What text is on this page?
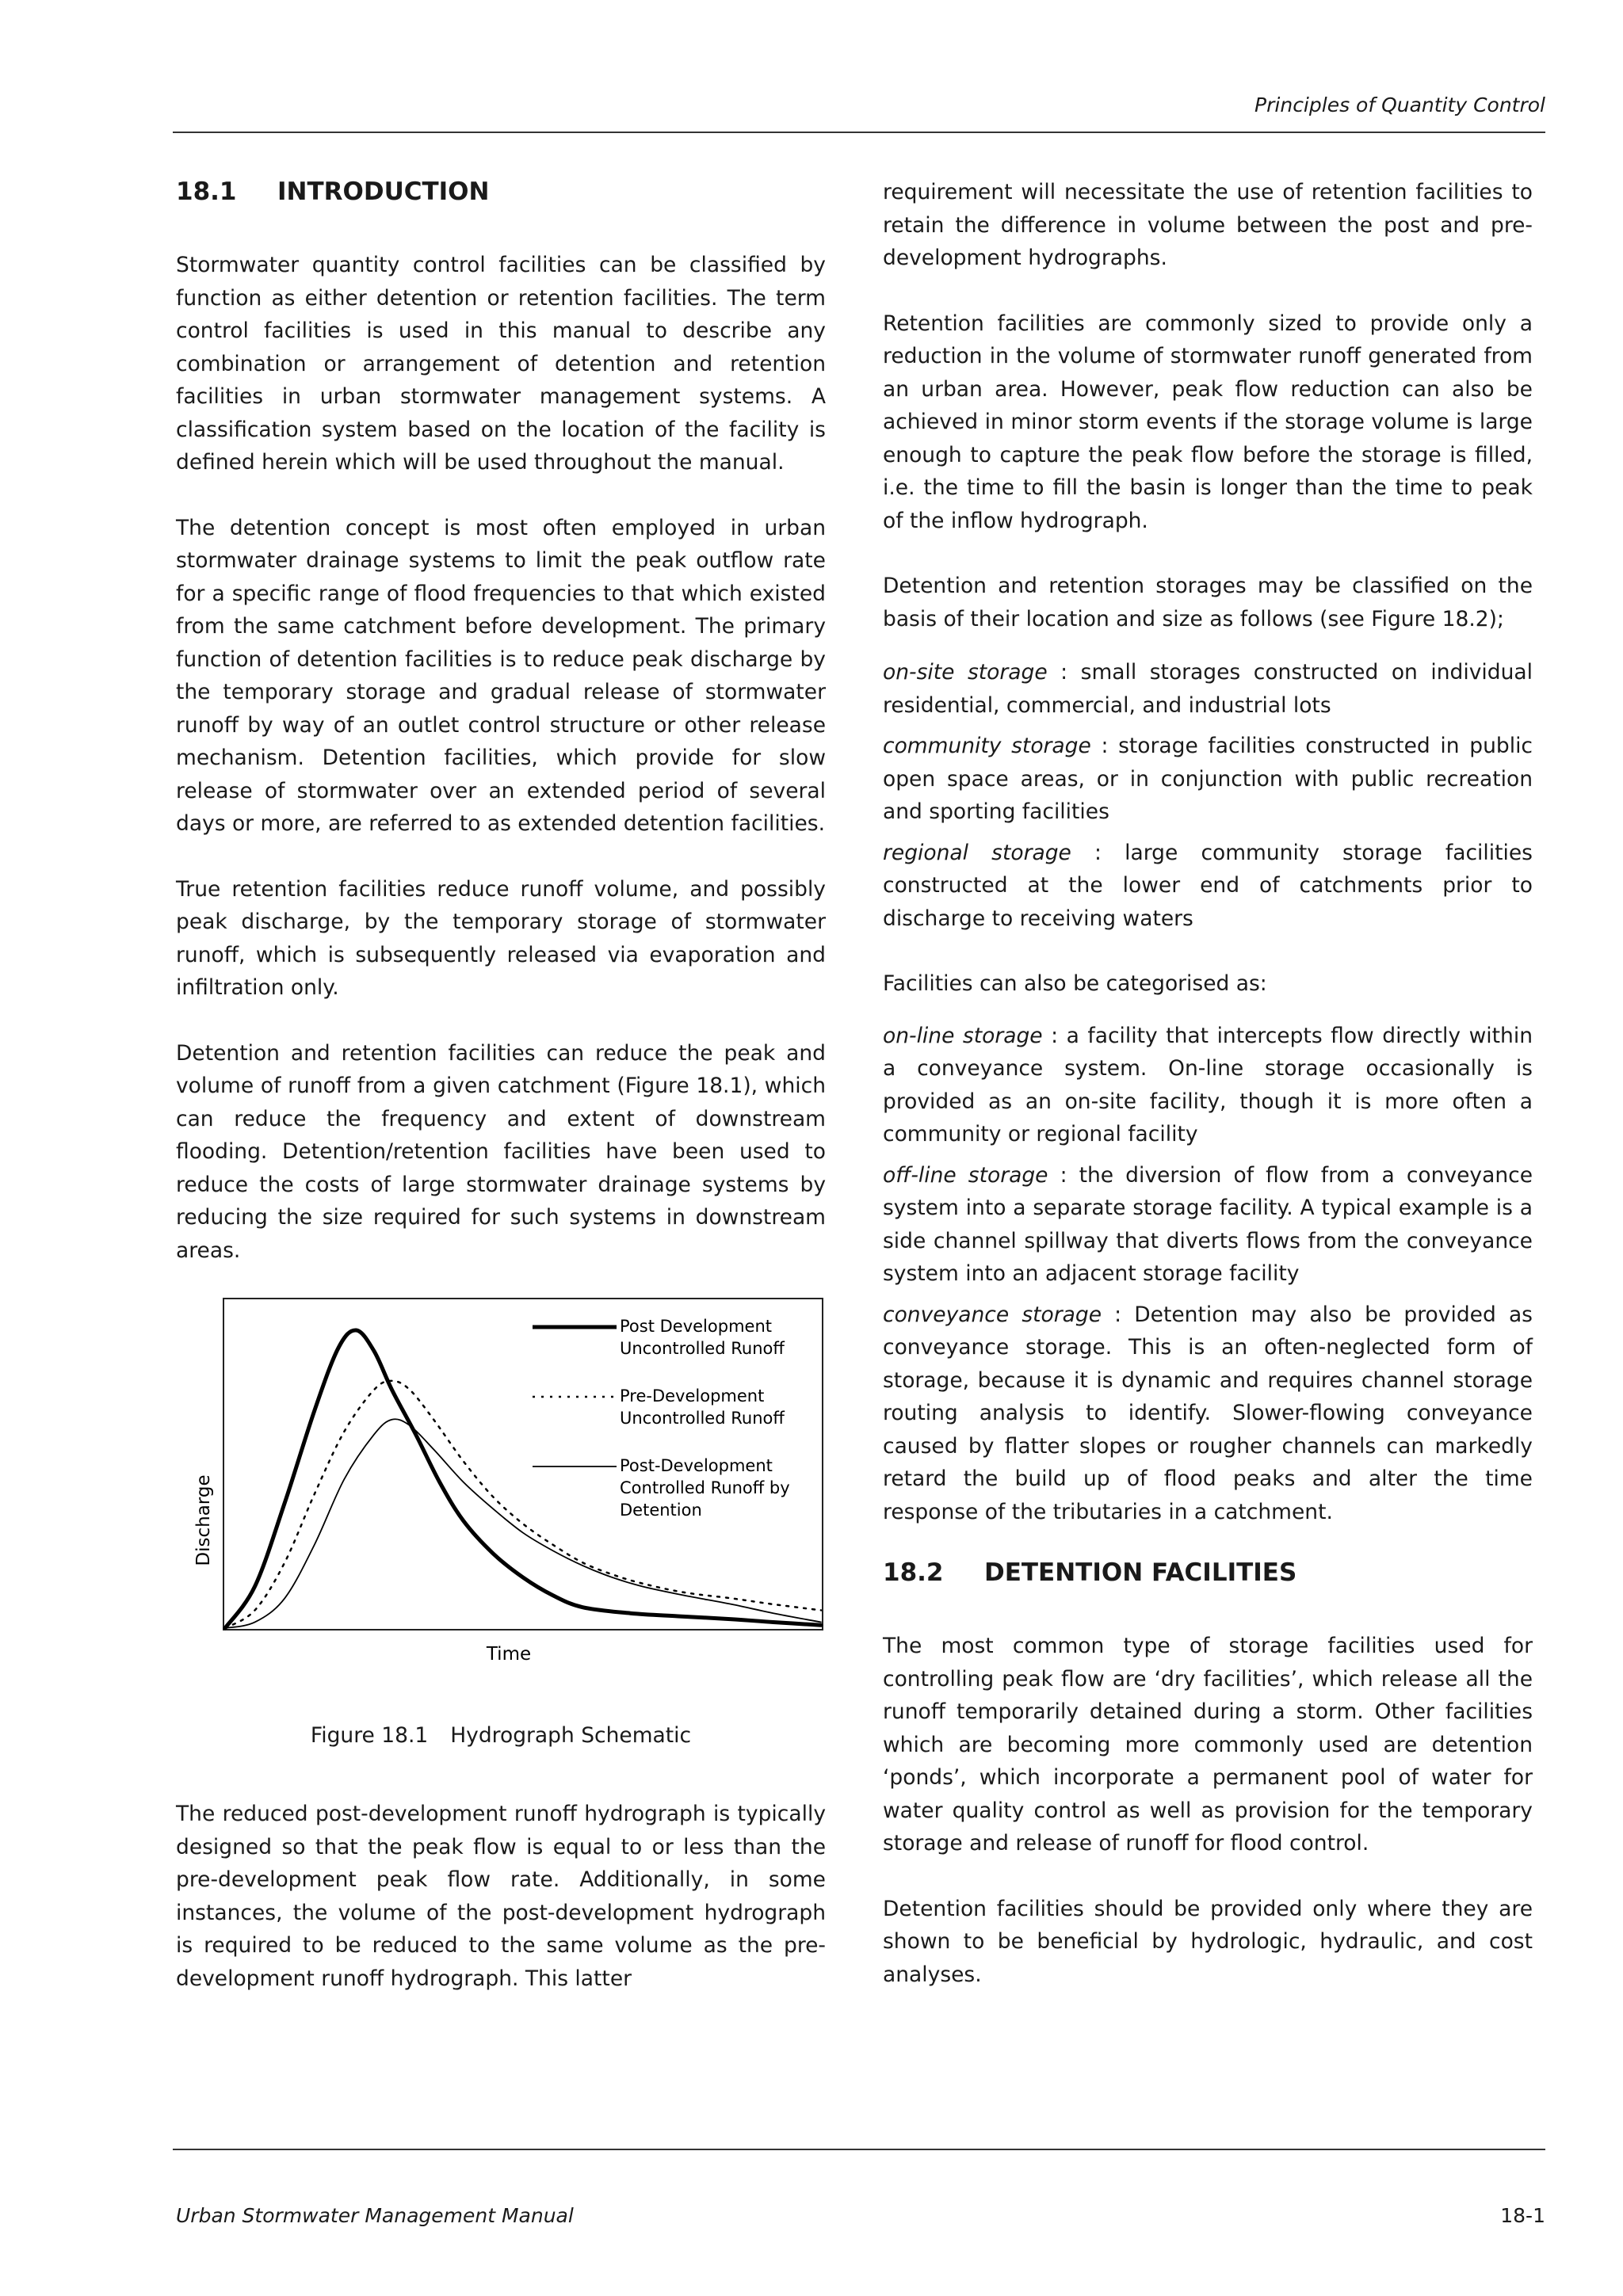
Principles of Quantity Control
18.1 INTRODUCTION

Stormwater quantity control facilities can be classified by function as either detention or retention facilities. The term control facilities is used in this manual to describe any combination or arrangement of detention and retention facilities in urban stormwater management systems. A classification system based on the location of the facility is defined herein which will be used throughout the manual.

The detention concept is most often employed in urban stormwater drainage systems to limit the peak outflow rate for a specific range of flood frequencies to that which existed from the same catchment before development. The primary function of detention facilities is to reduce peak discharge by the temporary storage and gradual release of stormwater runoff by way of an outlet control structure or other release mechanism. Detention facilities, which provide for slow release of stormwater over an extended period of several days or more, are referred to as extended detention facilities.

True retention facilities reduce runoff volume, and possibly peak discharge, by the temporary storage of stormwater runoff, which is subsequently released via evaporation and infiltration only.

Detention and retention facilities can reduce the peak and volume of runoff from a given catchment (Figure 18.1), which can reduce the frequency and extent of downstream flooding. Detention/retention facilities have been used to reduce the costs of large stormwater drainage systems by reducing the size required for such systems in downstream areas.

Post Development
Uncontrolled Runoff
Pre-Development
Uncontrolled Runoff
Post-Development
Controlled Runoff by
Detention
Time
Discharge
Figure 18.1 Hydrograph Schematic

The reduced post-development runoff hydrograph is typically designed so that the peak flow is equal to or less than the pre-development peak flow rate. Additionally, in some instances, the volume of the post-development hydrograph is required to be reduced to the same volume as the pre-development runoff hydrograph. This latter

requirement will necessitate the use of retention facilities to retain the difference in volume between the post and pre-development hydrographs.

Retention facilities are commonly sized to provide only a reduction in the volume of stormwater runoff generated from an urban area. However, peak flow reduction can also be achieved in minor storm events if the storage volume is large enough to capture the peak flow before the storage is filled, i.e. the time to fill the basin is longer than the time to peak of the inflow hydrograph.

Detention and retention storages may be classified on the basis of their location and size as follows (see Figure 18.2);

on-site storage : small storages constructed on individual residential, commercial, and industrial lots

community storage : storage facilities constructed in public open space areas, or in conjunction with public recreation and sporting facilities

regional storage : large community storage facilities constructed at the lower end of catchments prior to discharge to receiving waters

Facilities can also be categorised as:

on-line storage : a facility that intercepts flow directly within a conveyance system. On-line storage occasionally is provided as an on-site facility, though it is more often a community or regional facility

off-line storage : the diversion of flow from a conveyance system into a separate storage facility. A typical example is a side channel spillway that diverts flows from the conveyance system into an adjacent storage facility

conveyance storage : Detention may also be provided as conveyance storage. This is an often-neglected form of storage, because it is dynamic and requires channel storage routing analysis to identify. Slower-flowing conveyance caused by flatter slopes or rougher channels can markedly retard the build up of flood peaks and alter the time response of the tributaries in a catchment.

18.2 DETENTION FACILITIES

The most common type of storage facilities used for controlling peak flow are ‘dry facilities’, which release all the runoff temporarily detained during a storm. Other facilities which are becoming more commonly used are detention ‘ponds’, which incorporate a permanent pool of water for water quality control as well as provision for the temporary storage and release of runoff for flood control.

Detention facilities should be provided only where they are shown to be beneficial by hydrologic, hydraulic, and cost analyses.

Urban Stormwater Management Manual	18-1
